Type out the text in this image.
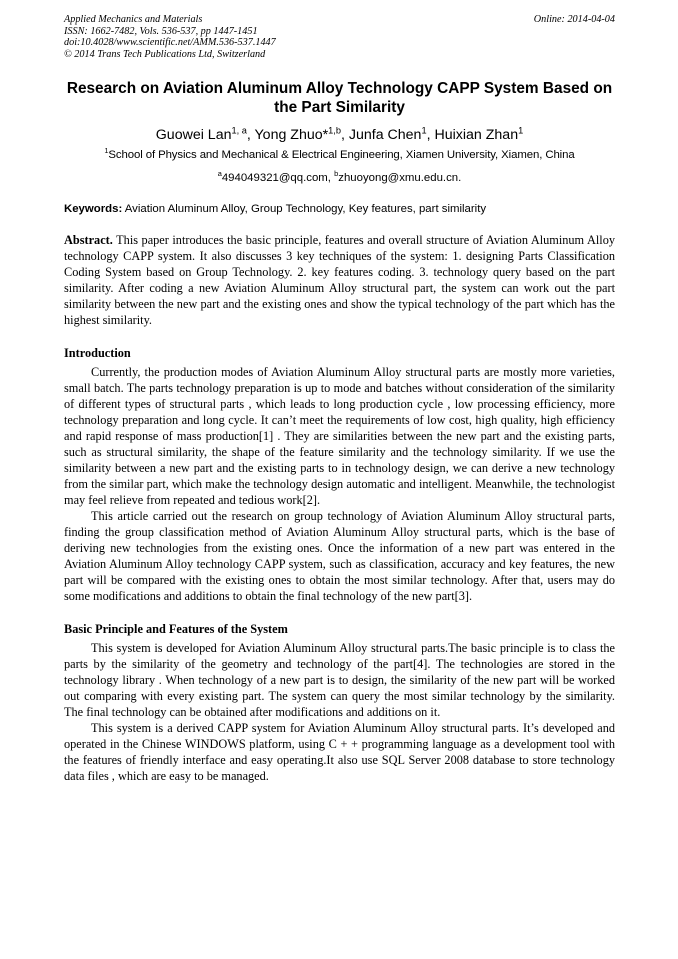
Applied Mechanics and Materials
ISSN: 1662-7482, Vols. 536-537, pp 1447-1451
doi:10.4028/www.scientific.net/AMM.536-537.1447
© 2014 Trans Tech Publications Ltd, Switzerland
Online: 2014-04-04
Research on Aviation Aluminum Alloy Technology CAPP System Based on the Part Similarity
Guowei Lan$^{1, a}$, Yong Zhuo*$^{1,b}$, Junfa Chen$^1$, Huixian Zhan$^1$
$^1$School of Physics and Mechanical & Electrical Engineering, Xiamen University, Xiamen, China
$^a$494049321@qq.com, $^b$zhuoyong@xmu.edu.cn.
Keywords: Aviation Aluminum Alloy, Group Technology, Key features, part similarity
Abstract. This paper introduces the basic principle, features and overall structure of Aviation Aluminum Alloy technology CAPP system. It also discusses 3 key techniques of the system: 1. designing Parts Classification Coding System based on Group Technology. 2. key features coding. 3. technology query based on the part similarity. After coding a new Aviation Aluminum Alloy structural part, the system can work out the part similarity between the new part and the existing ones and show the typical technology of the part which has the highest similarity.
Introduction

Currently, the production modes of Aviation Aluminum Alloy structural parts are mostly more varieties, small batch. The parts technology preparation is up to mode and batches without consideration of the similarity of different types of structural parts , which leads to long production cycle , low processing efficiency, more technology preparation and long cycle. It can’t meet the requirements of low cost, high quality, high efficiency and rapid response of mass production[1] . They are similarities between the new part and the existing parts, such as structural similarity, the shape of the feature similarity and the technology similarity. If we use the similarity between a new part and the existing parts to in technology design, we can derive a new technology from the similar part, which make the technology design automatic and intelligent. Meanwhile, the technologist may feel relieve from repeated and tedious work[2].

This article carried out the research on group technology of Aviation Aluminum Alloy structural parts, finding the group classification method of Aviation Aluminum Alloy structural parts, which is the base of deriving new technologies from the existing ones. Once the information of a new part was entered in the Aviation Aluminum Alloy technology CAPP system, such as classification, accuracy and key features, the new part will be compared with the existing ones to obtain the most similar technology. After that, users may do some modifications and additions to obtain the final technology of the new part[3].

Basic Principle and Features of the System

This system is developed for Aviation Aluminum Alloy structural parts.The basic principle is to class the parts by the similarity of the geometry and technology of the part[4]. The technologies are stored in the technology library . When technology of a new part is to design, the similarity of the new part will be worked out comparing with every existing part. The system can query the most similar technology by the similarity. The final technology can be obtained after modifications and additions on it.

This system is a derived CAPP system for Aviation Aluminum Alloy structural parts. It’s developed and operated in the Chinese WINDOWS platform, using C + + programming language as a development tool with the features of friendly interface and easy operating.It also use SQL Server 2008 database to store technology data files , which are easy to be managed.
